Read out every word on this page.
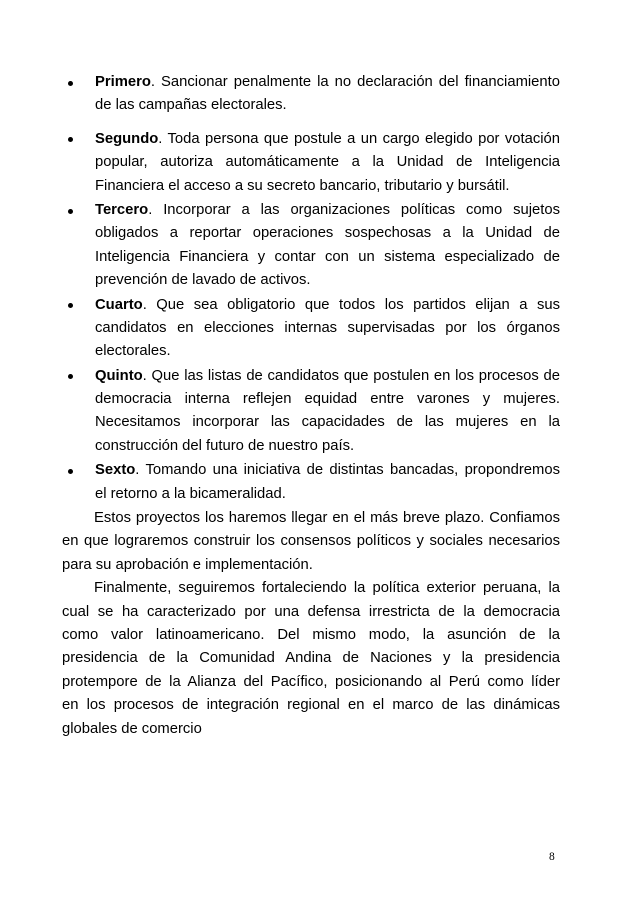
Primero. Sancionar penalmente la no declaración del financiamiento
de las campañas electorales.
Segundo. Toda persona que postule a un cargo elegido por votación
popular, autoriza automáticamente a la Unidad de Inteligencia
Financiera el acceso a su secreto bancario, tributario y bursátil.
Tercero. Incorporar a las organizaciones políticas como sujetos
obligados a reportar operaciones sospechosas a la Unidad de
Inteligencia Financiera y contar con un sistema especializado de
prevención de lavado de activos.
Cuarto. Que sea obligatorio que todos los partidos elijan a sus
candidatos en elecciones internas supervisadas por los órganos
electorales.
Quinto. Que las listas de candidatos que postulen en los procesos de
democracia interna reflejen equidad entre varones y mujeres.
Necesitamos incorporar las capacidades de las mujeres en la
construcción del futuro de nuestro país.
Sexto. Tomando una iniciativa de distintas bancadas, propondremos
el retorno a la bicameralidad.
Estos proyectos los haremos llegar en el más breve plazo. Confiamos
en que lograremos construir los consensos políticos y sociales necesarios
para su aprobación e implementación.
Finalmente, seguiremos fortaleciendo la política exterior peruana, la
cual se ha caracterizado por una defensa irrestricta de la democracia
como valor latinoamericano. Del mismo modo, la asunción de la
presidencia de la Comunidad Andina de Naciones y la presidencia
protempore de la Alianza del Pacífico, posicionando al Perú como líder
en los procesos de integración regional en el marco de las dinámicas
globales de comercio
8
